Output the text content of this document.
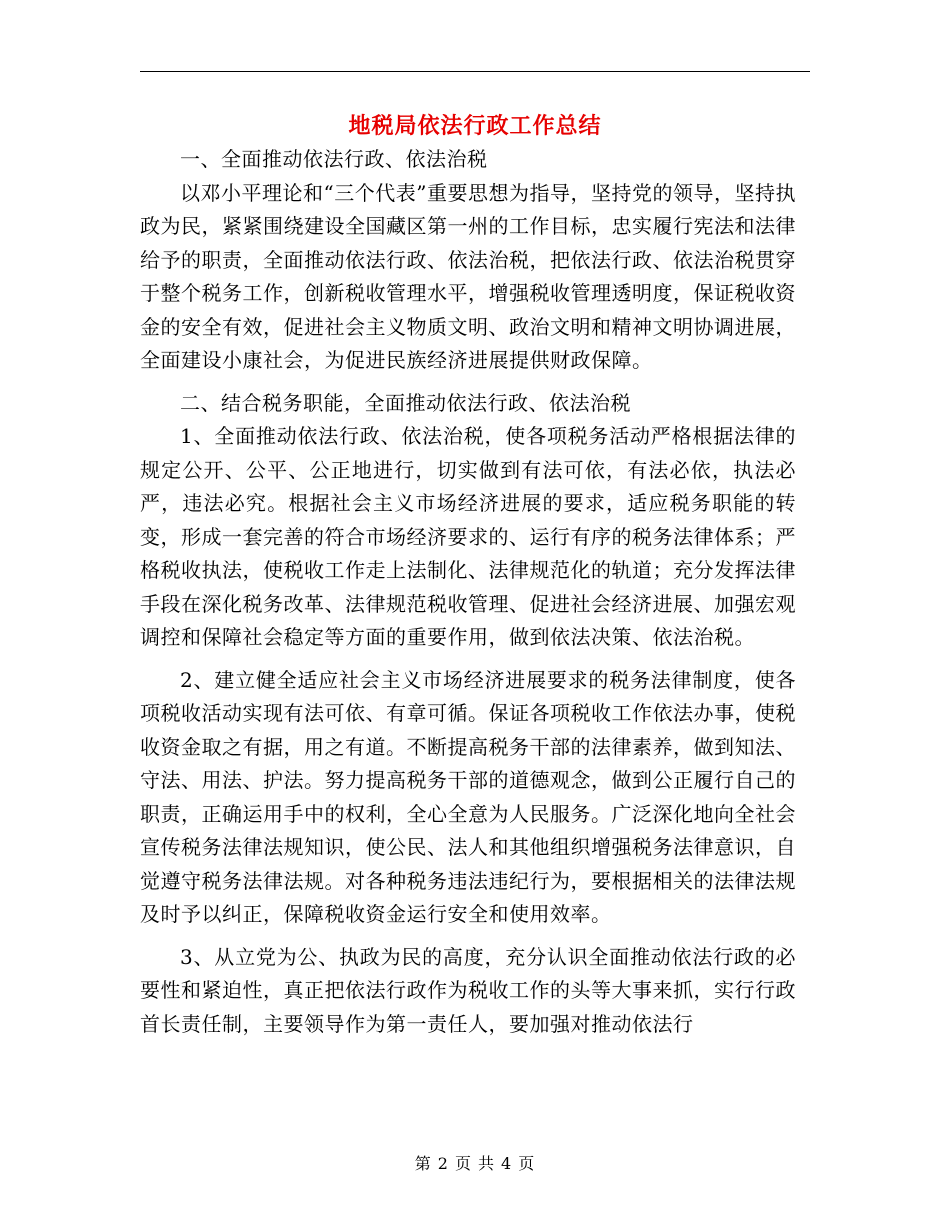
地税局依法行政工作总结

一、全面推动依法行政、依法治税

以邓小平理论和“三个代表”重要思想为指导，坚持党的领导，坚持执政为民，紧紧围绕建设全国藏区第一州的工作目标，忠实履行宪法和法律给予的职责，全面推动依法行政、依法治税，把依法行政、依法治税贯穿于整个税务工作，创新税收管理水平，增强税收管理透明度，保证税收资金的安全有效，促进社会主义物质文明、政治文明和精神文明协调进展，全面建设小康社会，为促进民族经济进展提供财政保障。

二、结合税务职能，全面推动依法行政、依法治税

1、全面推动依法行政、依法治税，使各项税务活动严格根据法律的规定公开、公平、公正地进行，切实做到有法可依，有法必依，执法必严，违法必究。根据社会主义市场经济进展的要求，适应税务职能的转变，形成一套完善的符合市场经济要求的、运行有序的税务法律体系；严格税收执法，使税收工作走上法制化、法律规范化的轨道；充分发挥法律手段在深化税务改革、法律规范税收管理、促进社会经济进展、加强宏观调控和保障社会稳定等方面的重要作用，做到依法决策、依法治税。

2、建立健全适应社会主义市场经济进展要求的税务法律制度，使各项税收活动实现有法可依、有章可循。保证各项税收工作依法办事，使税收资金取之有据，用之有道。不断提高税务干部的法律素养，做到知法、守法、用法、护法。努力提高税务干部的道德观念，做到公正履行自己的职责，正确运用手中的权利，全心全意为人民服务。广泛深化地向全社会宣传税务法律法规知识，使公民、法人和其他组织增强税务法律意识，自觉遵守税务法律法规。对各种税务违法违纪行为，要根据相关的法律法规及时予以纠正，保障税收资金运行安全和使用效率。

3、从立党为公、执政为民的高度，充分认识全面推动依法行政的必要性和紧迫性，真正把依法行政作为税收工作的头等大事来抓，实行行政首长责任制，主要领导作为第一责任人，要加强对推动依法行

第 2 页 共 4 页
